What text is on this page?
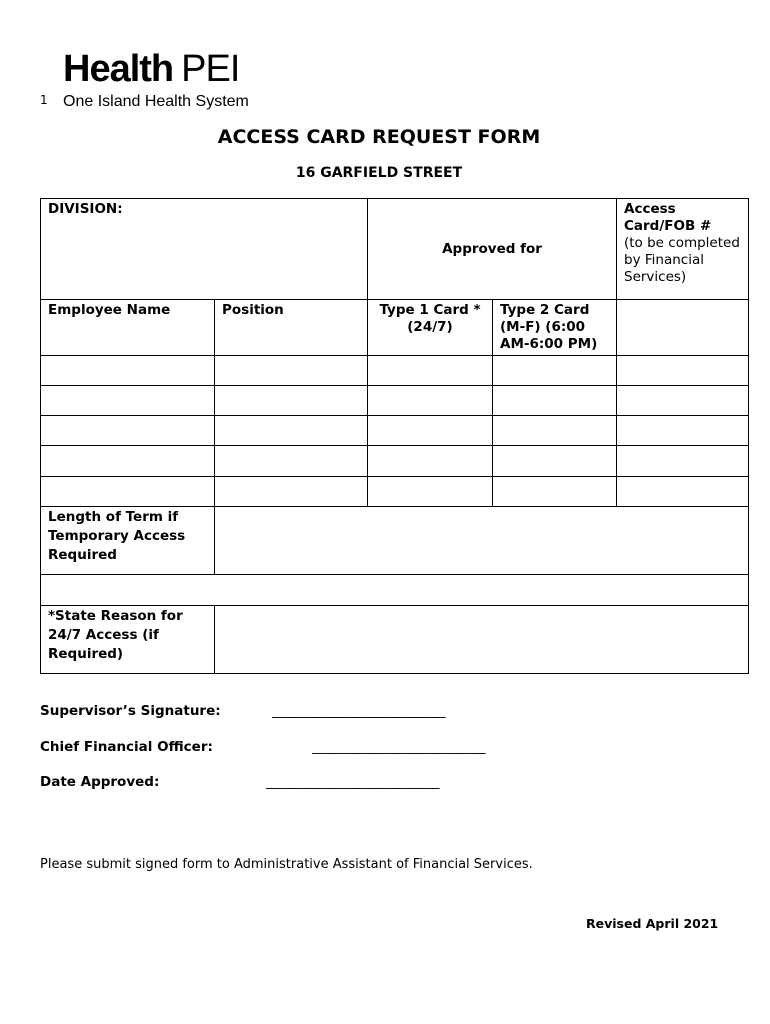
Health PEI
1 One Island Health System
ACCESS CARD REQUEST FORM
16 GARFIELD STREET
DIVISION:		Approved for		Access Card/FOB #
(to be completed by Financial Services)

Employee Name	Position	Type 1 Card * (24/7)	Type 2 Card (M-F) (6:00 AM-6:00 PM)	

Length of Term if Temporary Access Required				

*State Reason for 24/7 Access (if Required)				
Supervisor’s Signature:	______________________________
Chief Financial Officer:	______________________________
Date Approved:	______________________________
Please submit signed form to Administrative Assistant of Financial Services.
Revised April 2021
